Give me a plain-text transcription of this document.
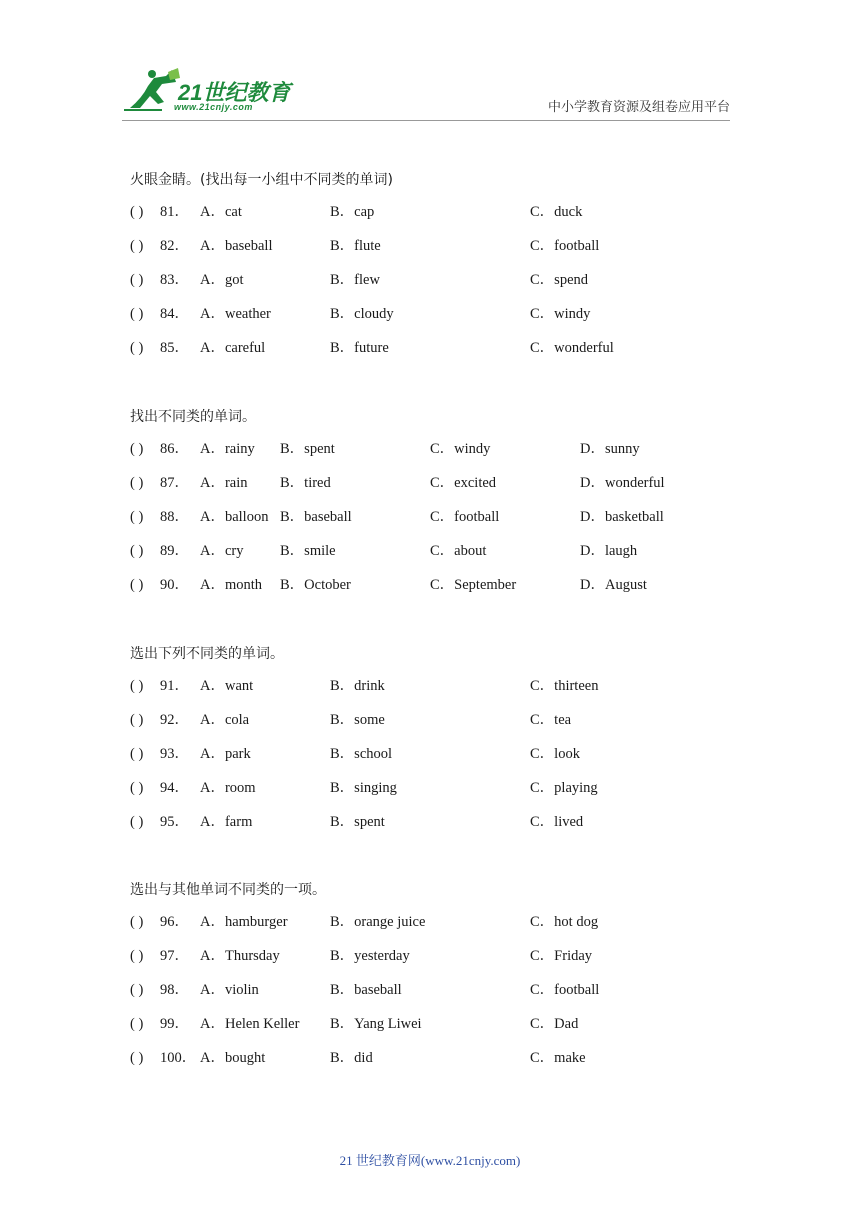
21世纪教育
www.21cnjy.com	中小学教育资源及组卷应用平台
火眼金睛。(找出每一小组中不同类的单词)
( ) 81． A．cat	B．cap	C．duck
( ) 82． A．baseball	B．flute	C．football
( ) 83． A．got	B．flew	C．spend
( ) 84． A．weather	B．cloudy	C．windy
( ) 85． A．careful	B．future	C．wonderful
找出不同类的单词。
( ) 86． A．rainy B．spent	C．windy	D．sunny
( ) 87． A．rain B．tired	C．excited	D．wonderful
( ) 88． A．balloon B．baseball	C．football	D．basketball
( ) 89． A．cry	B．smile	C．about	D．laugh
( ) 90． A．month B．October	C．September	D．August
选出下列不同类的单词。
( ) 91． A．want	B．drink	C．thirteen
( ) 92． A．cola	B．some	C．tea
( ) 93． A．park	B．school	C．look
( ) 94． A．room	B．singing	C．playing
( ) 95． A．farm	B．spent	C．lived
选出与其他单词不同类的一项。
( ) 96． A．hamburger	B．orange juice	C．hot dog
( ) 97． A．Thursday	B．yesterday	C．Friday
( ) 98． A．violin	B．baseball	C．football
( ) 99． A．Helen Keller B．Yang Liwei	C．Dad
( ) 100． A．bought	B．did	C．make
21 世纪教育网(www.21cnjy.com)
